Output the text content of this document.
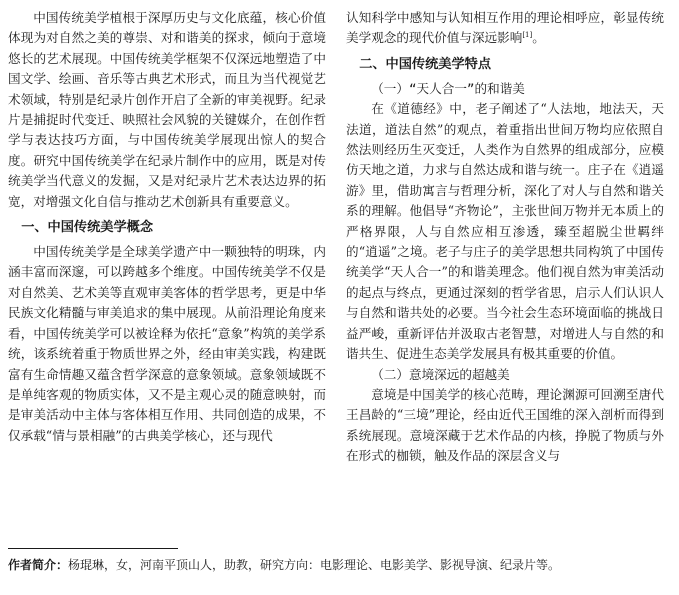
中国传统美学植根于深厚历史与文化底蕴，核心价值体现为对自然之美的尊崇、对和谐美的探求，倾向于意境悠长的艺术展现。中国传统美学框架不仅深远地塑造了中国文学、绘画、音乐等古典艺术形式，而且为当代视觉艺术领域，特别是纪录片创作开启了全新的审美视野。纪录片是捕捉时代变迁、映照社会风貌的关键媒介，在创作哲学与表达技巧方面，与中国传统美学展现出惊人的契合度。研究中国传统美学在纪录片制作中的应用，既是对传统美学当代意义的发掘，又是对纪录片艺术表达边界的拓宽，对增强文化自信与推动艺术创新具有重要意义。

一、中国传统美学概念

中国传统美学是全球美学遗产中一颗独特的明珠，内涵丰富而深邃，可以跨越多个维度。中国传统美学不仅是对自然美、艺术美等直观审美客体的哲学思考，更是中华民族文化精髓与审美追求的集中展现。从前沿理论角度来看，中国传统美学可以被诠释为依托“意象”构筑的美学系统，该系统着重于物质世界之外，经由审美实践，构建既富有生命情趣又蕴含哲学深意的意象领域。意象领域既不是单纯客观的物质实体，又不是主观心灵的随意映射，而是审美活动中主体与客体相互作用、共同创造的成果，不仅承载“情与景相融”的古典美学核心，还与现代

认知科学中感知与认知相互作用的理论相呼应，彰显传统美学观念的现代价值与深远影响[1]。

二、中国传统美学特点
（一）“天人合一”的和谐美

在《道德经》中，老子阐述了“人法地，地法天，天法道，道法自然”的观点，着重指出世间万物均应依照自然法则经历生灭变迁，人类作为自然界的组成部分，应模仿天地之道，力求与自然达成和谐与统一。庄子在《逍遥游》里，借助寓言与哲理分析，深化了对人与自然和谐关系的理解。他倡导“齐物论”，主张世间万物并无本质上的严格界限，人与自然应相互渗透，臻至超脱尘世羁绊的“逍遥”之境。老子与庄子的美学思想共同构筑了中国传统美学“天人合一”的和谐美理念。他们视自然为审美活动的起点与终点，更通过深刻的哲学省思，启示人们认识人与自然和谐共处的必要。当今社会生态环境面临的挑战日益严峻，重新评估并汲取古老智慧，对增进人与自然的和谐共生、促进生态美学发展具有极其重要的价值。

（二）意境深远的超越美

意境是中国美学的核心范畴，理论渊源可回溯至唐代王昌龄的“三境”理论，经由近代王国维的深入剖析而得到系统展现。意境深藏于艺术作品的内核，挣脱了物质与外在形式的枷锁，触及作品的深层含义与

作者简介：杨琨琳，女，河南平顶山人，助教，研究方向：电影理论、电影美学、影视导演、纪录片等。
